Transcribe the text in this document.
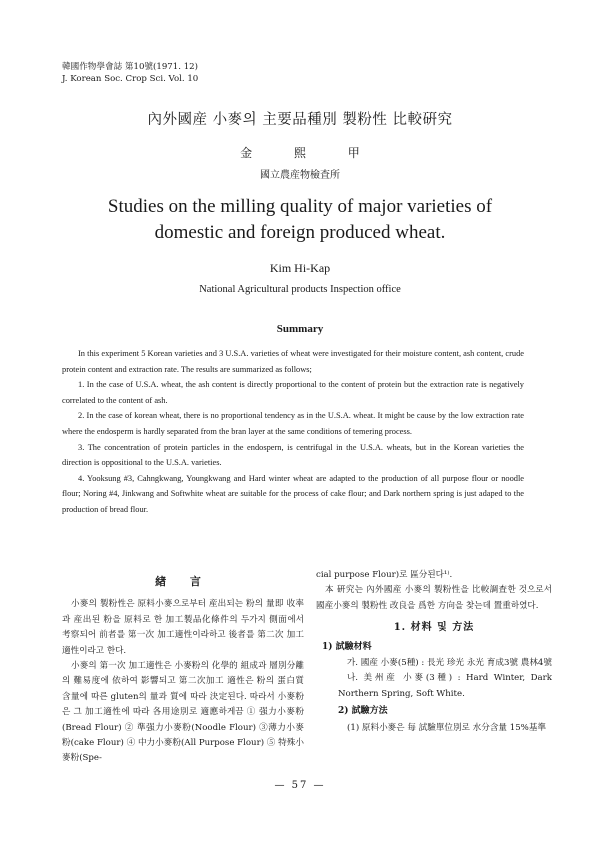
韓國作物學會誌 第10號(1971. 12)
J. Korean Soc. Crop Sci. Vol. 10
內外國産 小麥의 主要品種別 製粉性 比較硏究
金 熙 甲
國立農産物檢査所
Studies on the milling quality of major varieties of
domestic and foreign produced wheat.
Kim Hi-Kap
National Agricultural products Inspection office
Summary

In this experiment 5 Korean varieties and 3 U.S.A. varieties of wheat were investigated for their moisture content, ash content, crude protein content and extraction rate. The results are summarized as follows;

1. In the case of U.S.A. wheat, the ash content is directly proportional to the content of protein but the extraction rate is negatively correlated to the content of ash.

2. In the case of korean wheat, there is no proportional tendency as in the U.S.A. wheat. It might be cause by the low extraction rate where the endosperm is hardly separated from the bran layer at the same conditions of temering process.

3. The concentration of protein particles in the endospern, is centrifugal in the U.S.A. wheats, but in the Korean varieties the direction is oppositional to the U.S.A. varieties.

4. Yooksung #3, Cahngkwang, Youngkwang and Hard winter wheat are adapted to the production of all purpose flour or noodle flour; Noring #4, Jinkwang and Softwhite wheat are suitable for the process of cake flour; and Dark northern spring is just adaped to the production of bread flour.

緖 言

小麥의 製粉性은 原料小麥으로부터 産出되는 粉의 量即 收率과 産出된 粉을 原料로 한 加工製品化條件의 두가지 側面에서 考察되어 前者를 第一次 加工適性이라하고 後者를 第二次 加工適性이라고 한다.

小麥의 第一次 加工適性은 小麥粉의 化學的 組成과 層別分離의 難易度에 依하여 影響되고 第二次加工 適性은 粉의 蛋白質 含量에 따른 gluten의 量과 質에 따라 決定된다. 따라서 小麥粉은 그 加工適性에 따라 各用途別로 適應하게끔 ① 强力小麥粉(Bread Flour) ② 準强力小麥粉(Noodle Flour) ③薄力小麥粉(cake Flour) ④ 中力小麥粉(All Purpose Flour) ⑤ 特殊小麥粉(Spe-

cial purpose Flour)로 區分된다¹⁾.

本 硏究는 內外國産 小麥의 製粉性을 比較調査한 것으로서 國産小麥의 製粉性 改良을 爲한 方向을 찾는데 置重하였다.

1. 材料 및 方法
1) 試驗材料

가. 國産 小麥(5種) : 長光 珍光 永光 育成3號 農林4號

나. 美州産 小麥(3種) : Hard Winter, Dark Northern Spring, Soft White.

2) 試驗方法

(1) 原料小麥은 每 試驗單位別로 水分含量 15%基準

— 57 —
